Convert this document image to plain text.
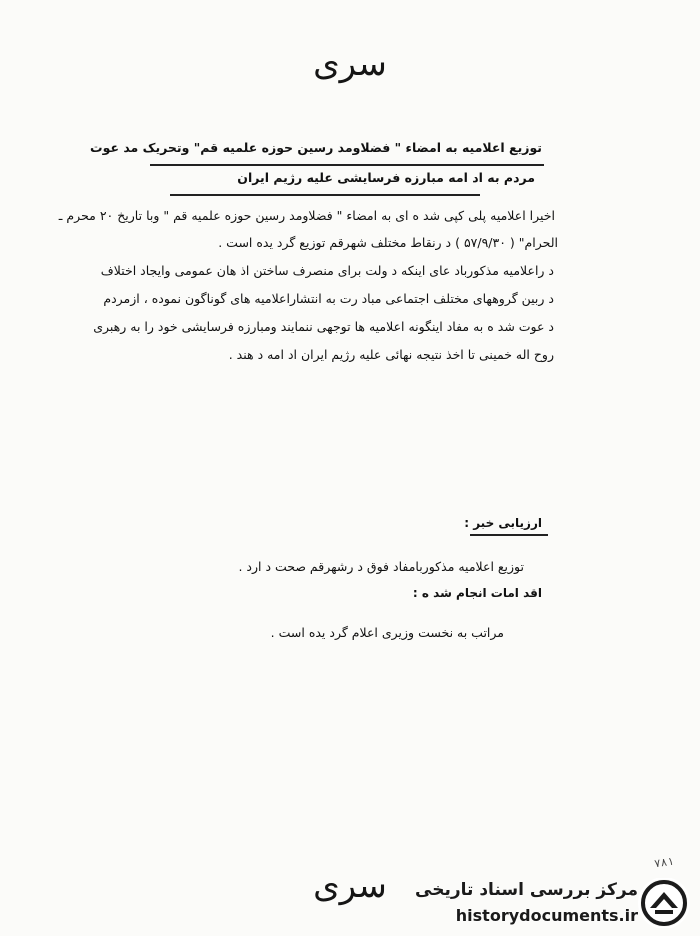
سری
توزیع اعلامیه به امضاء " فضلاومد رسین حوزه علمیه قم" وتحریک مد عوت
مردم به اد امه مبارزه فرسایشی علیه رژیم ایران
اخیرا اعلامیه پلی کپی شد ه ای به امضاء " فضلاومد رسین حوزه علمیه قم " وبا تاریخ ۲۰ محرم ـ
الحرام" ( ۵۷/۹/۳۰ ) د رنقاط مختلف شهرقم توزیع گرد یده است .
د راعلامیه مذکورباد عای اینکه د ولت برای منصرف ساختن اذ هان عمومی وایجاد اختلاف
د ربین گروههای مختلف اجتماعی مباد رت به انتشاراعلامیه های گوناگون نموده ، ازمردم
د عوت شد ه به مفاد اینگونه اعلامیه ها توجهی ننمایند ومبارزه فرسایشی خود را به رهبری
روح اله خمینی تا اخذ نتیجه نهائی علیه رژیم ایران اد امه د هند .
ارزیابی خبر :
توزیع اعلامیه مذکوربامفاد فوق د رشهرقم صحت د ارد .
اقد امات انجام شد ه :
مراتب به نخست وزیری اعلام گرد یده است .
۷۸۱
سری	مرکز بررسی اسناد تاریخی
historydocuments.ir
